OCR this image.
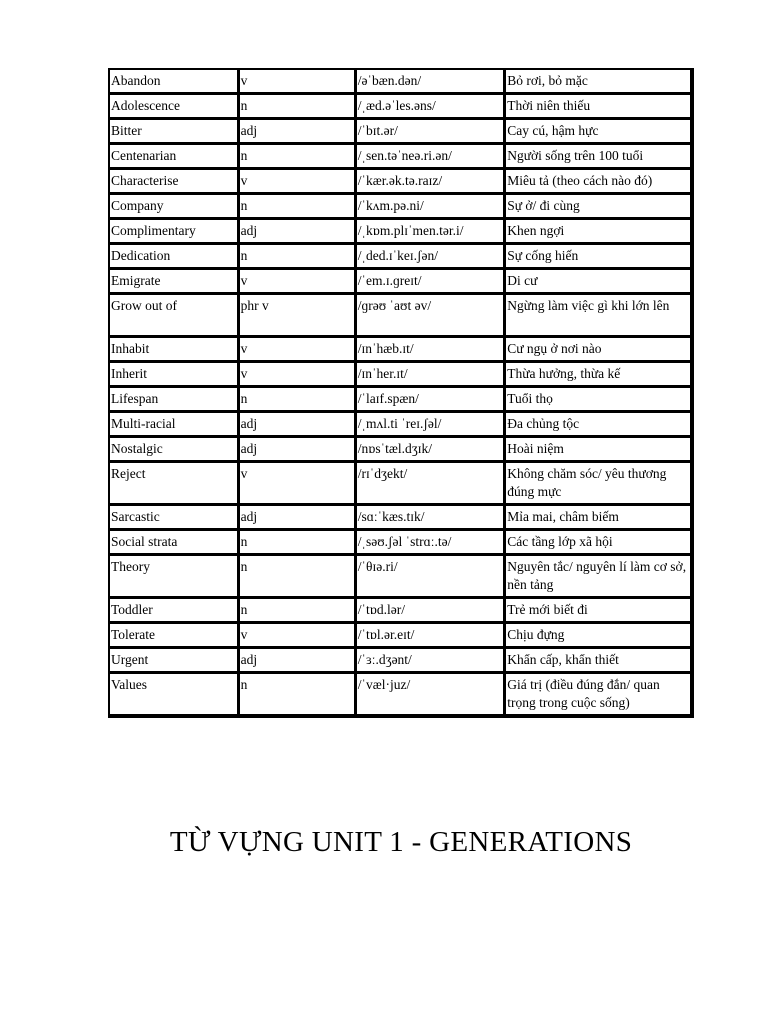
Abandon	v	/əˈbæn.dən/	Bỏ rơi, bỏ mặc
Adolescence	n	/ˌæd.əˈles.əns/	Thời niên thiếu
Bitter	adj	/ˈbɪt.ər/	Cay cú, hậm hực
Centenarian	n	/ˌsen.təˈneə.ri.ən/	Người sống trên 100 tuổi
Characterise	v	/ˈkær.ək.tə.raɪz/	Miêu tả (theo cách nào đó)
Company	n	/ˈkʌm.pə.ni/	Sự ở/ đi cùng
Complimentary	adj	/ˌkɒm.plɪˈmen.tər.i/	Khen ngợi
Dedication	n	/ˌded.ɪˈkeɪ.ʃən/	Sự cống hiến
Emigrate	v	/ˈem.ɪ.ɡreɪt/	Di cư
Grow out of	phr v	/ɡrəʊ ˈaʊt əv/	Ngừng làm việc gì khi lớn lên
Inhabit	v	/ɪnˈhæb.ɪt/	Cư ngụ ở nơi nào
Inherit	v	/ɪnˈher.ɪt/	Thừa hưởng, thừa kế
Lifespan	n	/ˈlaɪf.spæn/	Tuổi thọ
Multi-racial	adj	/ˌmʌl.ti ˈreɪ.ʃəl/	Đa chủng tộc
Nostalgic	adj	/nɒsˈtæl.dʒɪk/	Hoài niệm
Reject	v	/rɪˈdʒekt/	Không chăm sóc/ yêu thương đúng mực
Sarcastic	adj	/sɑːˈkæs.tɪk/	Mỉa mai, châm biếm
Social strata	n	/ˌsəʊ.ʃəl ˈstrɑː.tə/	Các tầng lớp xã hội
Theory	n	/ˈθɪə.ri/	Nguyên tắc/ nguyên lí làm cơ sở, nền tảng
Toddler	n	/ˈtɒd.lər/	Trẻ mới biết đi
Tolerate	v	/ˈtɒl.ər.eɪt/	Chịu đựng
Urgent	adj	/ˈɜː.dʒənt/	Khẩn cấp, khẩn thiết
Values	n	/ˈvæl·juz/	Giá trị (điều đúng đắn/ quan trọng trong cuộc sống)
TỪ VỰNG UNIT 1 - GENERATIONS
